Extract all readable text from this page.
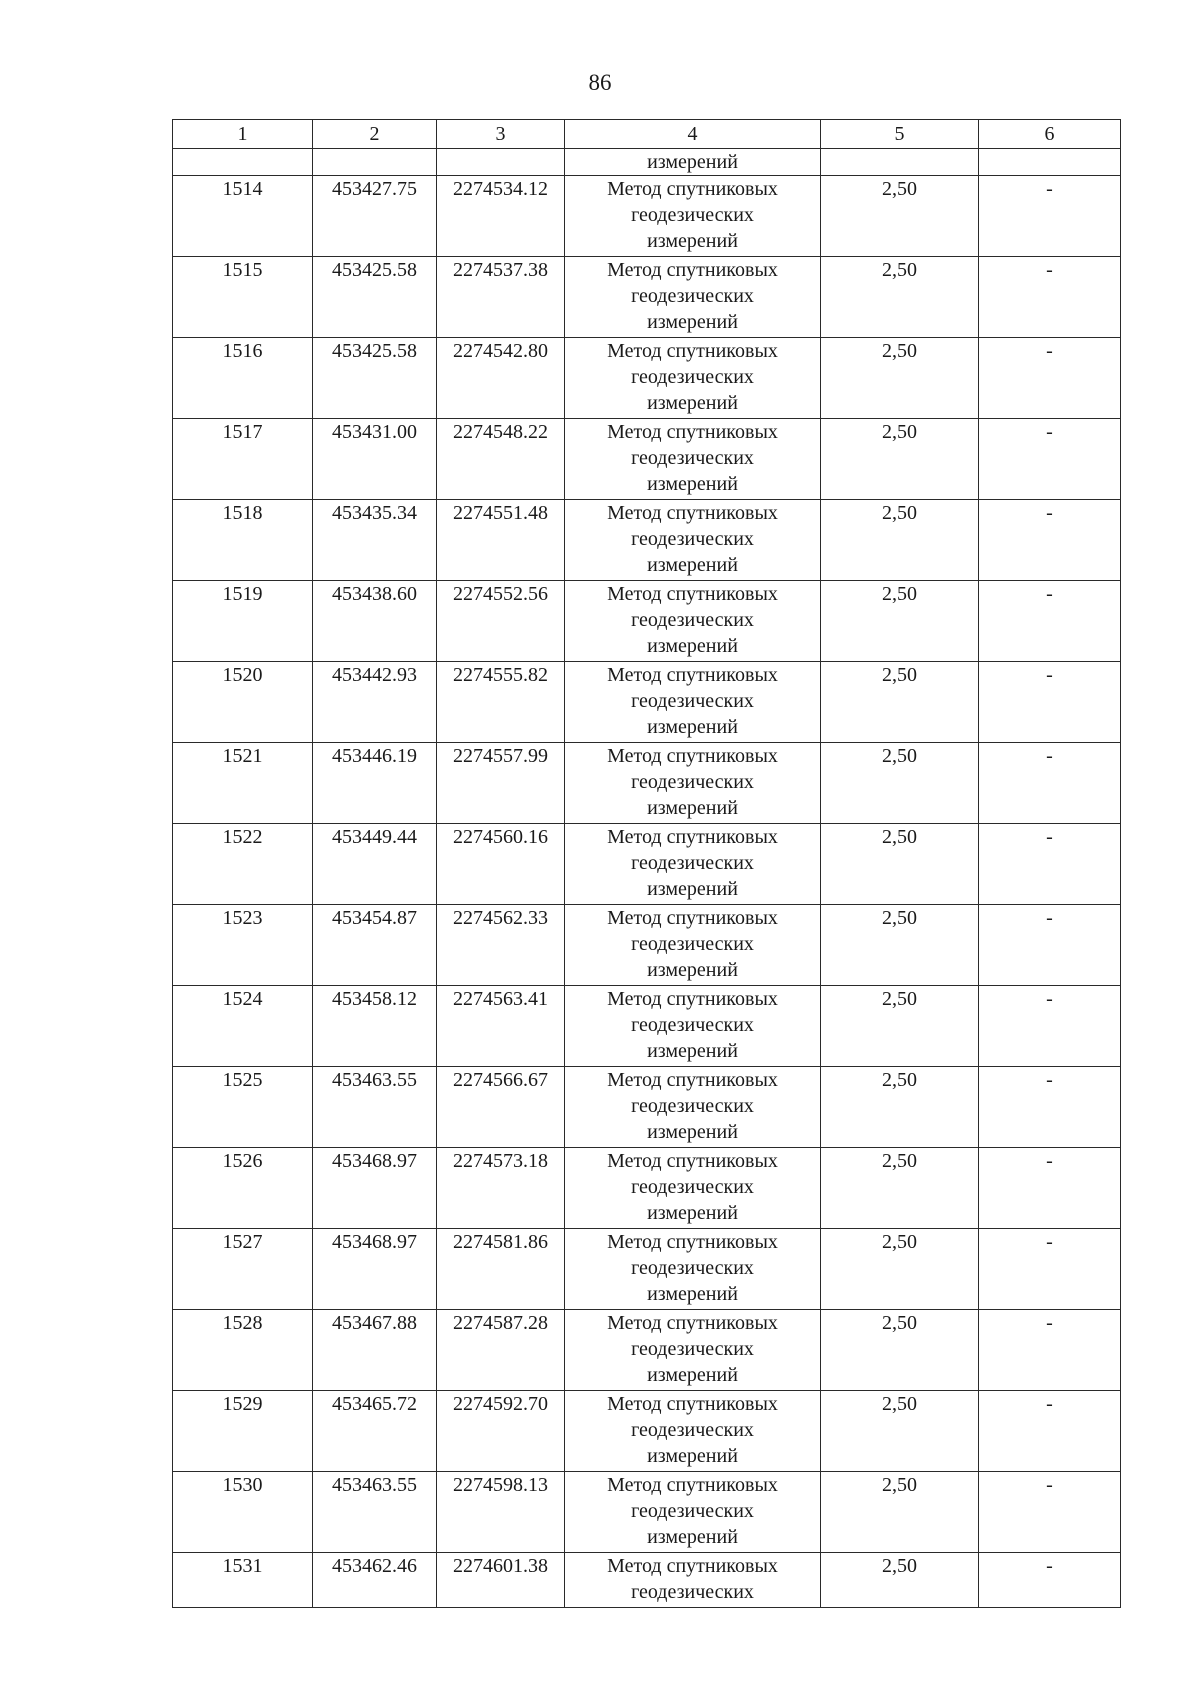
86
1	2	3	4	5	6
			измерений		
1514	453427.75	2274534.12	Метод спутниковых
геодезических
измерений	2,50	-
1515	453425.58	2274537.38	Метод спутниковых
геодезических
измерений	2,50	-
1516	453425.58	2274542.80	Метод спутниковых
геодезических
измерений	2,50	-
1517	453431.00	2274548.22	Метод спутниковых
геодезических
измерений	2,50	-
1518	453435.34	2274551.48	Метод спутниковых
геодезических
измерений	2,50	-
1519	453438.60	2274552.56	Метод спутниковых
геодезических
измерений	2,50	-
1520	453442.93	2274555.82	Метод спутниковых
геодезических
измерений	2,50	-
1521	453446.19	2274557.99	Метод спутниковых
геодезических
измерений	2,50	-
1522	453449.44	2274560.16	Метод спутниковых
геодезических
измерений	2,50	-
1523	453454.87	2274562.33	Метод спутниковых
геодезических
измерений	2,50	-
1524	453458.12	2274563.41	Метод спутниковых
геодезических
измерений	2,50	-
1525	453463.55	2274566.67	Метод спутниковых
геодезических
измерений	2,50	-
1526	453468.97	2274573.18	Метод спутниковых
геодезических
измерений	2,50	-
1527	453468.97	2274581.86	Метод спутниковых
геодезических
измерений	2,50	-
1528	453467.88	2274587.28	Метод спутниковых
геодезических
измерений	2,50	-
1529	453465.72	2274592.70	Метод спутниковых
геодезических
измерений	2,50	-
1530	453463.55	2274598.13	Метод спутниковых
геодезических
измерений	2,50	-
1531	453462.46	2274601.38	Метод спутниковых
геодезических	2,50	-
